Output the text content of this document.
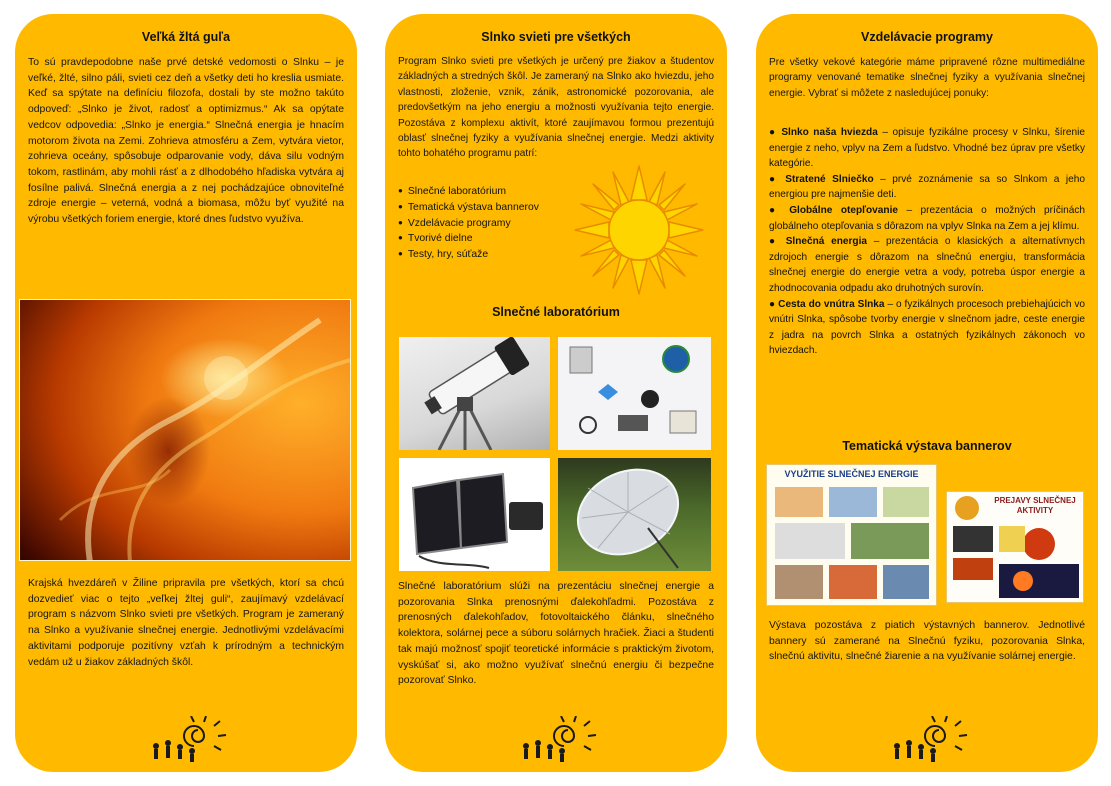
Veľká žltá guľa
To sú pravdepodobne naše prvé detské vedomosti o Slnku – je veľké, žlté, silno páli, svieti cez deň a všetky deti ho kreslia usmiate. Keď sa spýtate na definíciu filozofa, dostali by ste možno takúto odpoveď: „Slnko je život, radosť a optimizmus.“ Ak sa opýtate vedcov odpovedia: „Slnko je energia.“ Slnečná energia je hnacím motorom života na Zemi. Zohrieva atmosféru a Zem, vytvára vietor, zohrieva oceány, spôsobuje odparovanie vody, dáva silu vodným tokom, rastlinám, aby mohli rásť a z dlhodobého hľadiska vytvára aj fosílne palivá. Slnečná energia a z nej pochádzajúce obnoviteľné zdroje energie – veterná, vodná a biomasa, môžu byť využité na výrobu všetkých foriem energie, ktoré dnes ľudstvo využíva.
Krajská hvezdáreň v Žiline pripravila pre všetkých, ktorí sa chcú dozvedieť viac o tejto „veľkej žltej guli“, zaujímavý vzdelávací program s názvom Slnko svieti pre všetkých. Program je zameraný na Slnko a využívanie slnečnej energie. Jednotlivými vzdelávacími aktivitami podporuje pozitívny vzťah k prírodným a technickým vedám už u žiakov základných škôl.
Slnko svieti pre všetkých
Program Slnko svieti pre všetkých je určený pre žiakov a študentov základných a stredných škôl. Je zameraný na Slnko ako hviezdu, jeho vlastnosti, zloženie, vznik, zánik, astronomické pozorovania, ale predovšetkým na jeho energiu a možnosti využívania tejto energie. Pozostáva z komplexu aktivít, ktoré zaujímavou formou prezentujú oblasť slnečnej fyziky a využívania slnečnej energie. Medzi aktivity tohto bohatého programu patrí:
● Slnečné laboratórium
● Tematická výstava bannerov
● Vzdelávacie programy
● Tvorivé dielne
● Testy, hry, súťaže
Slnečné laboratórium
Slnečné laboratórium slúži na prezentáciu slnečnej energie a pozorovania Slnka prenosnými ďalekohľadmi. Pozostáva z prenosných ďalekohľadov, fotovoltaického článku, slnečného kolektora, solárnej pece a súboru solárnych hračiek. Žiaci a študenti tak majú možnosť spojiť teoretické informácie s praktickým životom, vyskúšať si, ako možno využívať slnečnú energiu či bezpečne pozorovať Slnko.
Vzdelávacie programy
Pre všetky vekové kategórie máme pripravené rôzne multimediálne programy venované tematike slnečnej fyziky a využívania slnečnej energie. Vybrať si môžete z nasledujúcej ponuky:

● Slnko naša hviezda – opisuje fyzikálne procesy v Slnku, šírenie energie z neho, vplyv na Zem a ľudstvo. Vhodné bez úprav pre všetky kategórie.

● Stratené Slniečko – prvé zoznámenie sa so Slnkom a jeho energiou pre najmenšie deti.

● Globálne otepľovanie – prezentácia o možných príčinách globálneho otepľovania s dôrazom na vplyv Slnka na Zem a jej klímu.

● Slnečná energia – prezentácia o klasických a alternatívnych zdrojoch energie s dôrazom na slnečnú energiu, transformácia slnečnej energie do energie vetra a vody, potreba úspor energie a zhodnocovania odpadu ako druhotných surovín.

● Cesta do vnútra Slnka – o fyzikálnych procesoch prebiehajúcich vo vnútri Slnka, spôsobe tvorby energie v slnečnom jadre, ceste energie z jadra na povrch Slnka a ostatných fyzikálnych zákonoch vo hviezdach.

Tematická výstava bannerov
VYUŽITIE SLNEČNEJ ENERGIE
PREJAVY SLNEČNEJ AKTIVITY
Výstava pozostáva z piatich výstavných bannerov. Jednotlivé bannery sú zamerané na Slnečnú fyziku, pozorovania Slnka, slnečnú aktivitu, slnečné žiarenie a na využívanie solárnej energie.
